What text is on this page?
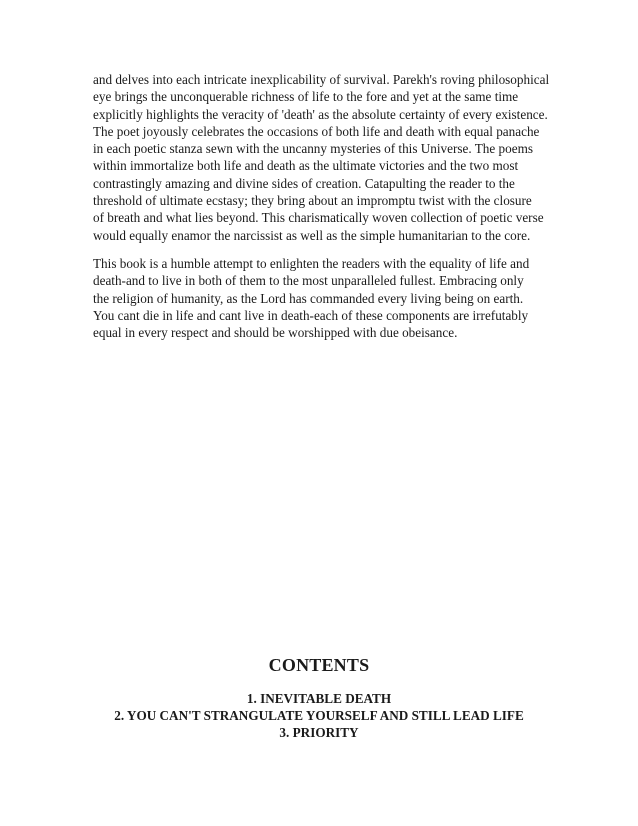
and delves into each intricate inexplicability of survival. Parekh's roving philosophical
eye brings the unconquerable richness of life to the fore and yet at the same time
explicitly highlights the veracity of 'death' as the absolute certainty of every existence.
The poet joyously celebrates the occasions of both life and death with equal panache
in each poetic stanza sewn with the uncanny mysteries of this Universe. The poems
within immortalize both life and death as the ultimate victories and the two most
contrastingly amazing and divine sides of creation. Catapulting the reader to the
threshold of ultimate ecstasy; they bring about an impromptu twist with the closure
of breath and what lies beyond. This charismatically woven collection of poetic verse
would equally enamor the narcissist as well as the simple humanitarian to the core.

This book is a humble attempt to enlighten the readers with the equality of life and
death-and to live in both of them to the most unparalleled fullest. Embracing only
the religion of humanity, as the Lord has commanded every living being on earth.
You cant die in life and cant live in death-each of these components are irrefutably
equal in every respect and should be worshipped with due obeisance.

CONTENTS
1. INEVITABLE DEATH
2. YOU CAN'T STRANGULATE YOURSELF AND STILL LEAD LIFE
3. PRIORITY
